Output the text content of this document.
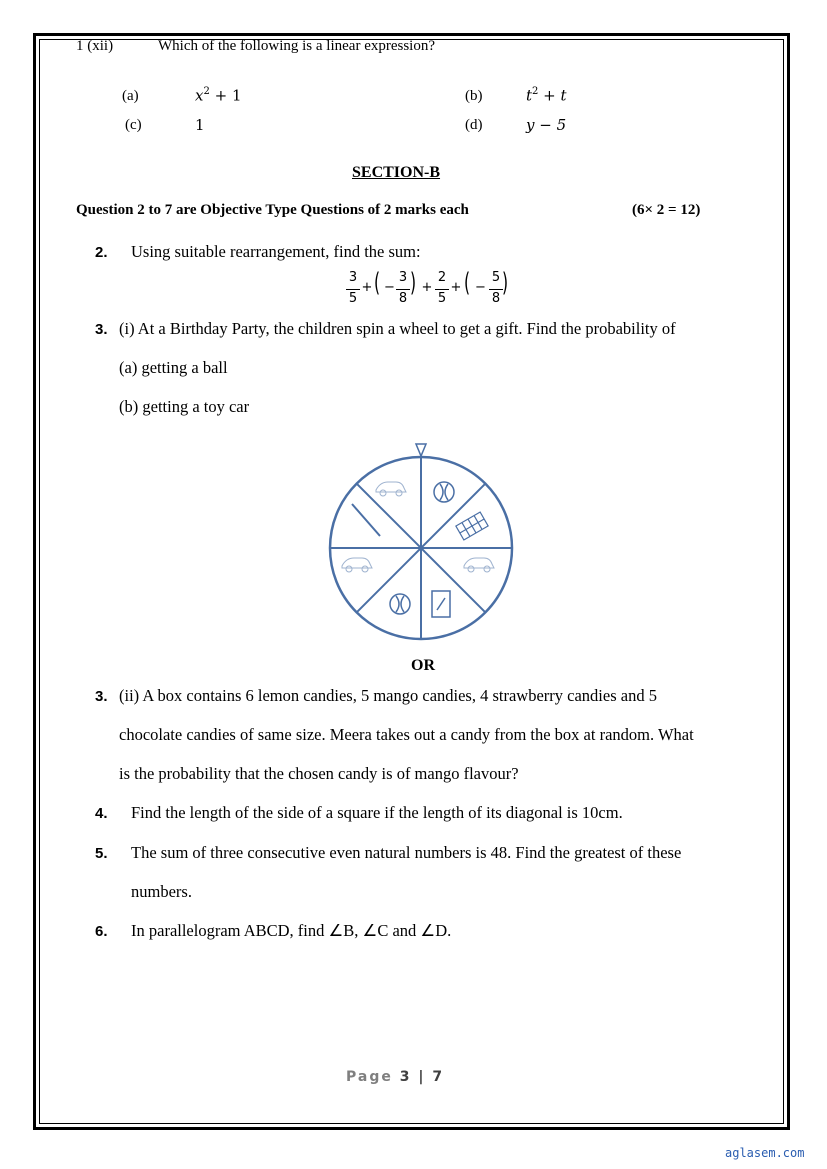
1 (xii)	Which of the following is a linear expression?
(a)	$x^2 + 1$	(b)	$t^2 + t$
(c)	1	(d)	y − 5
SECTION-B
Question 2 to 7 are Objective Type Questions of 2 marks each	(6× 2 = 12)
2. Using suitable rearrangement, find the sum:
3
5
+ ( −
3
8
) +
2
5
+ ( −
5
8
)
3. (i) At a Birthday Party, the children spin a wheel to get a gift. Find the probability of
(a) getting a ball
(b) getting a toy car
OR
3. (ii) A box contains 6 lemon candies, 5 mango candies, 4 strawberry candies and 5
chocolate candies of same size. Meera takes out a candy from the box at random. What
is the probability that the chosen candy is of mango flavour?
4. Find the length of the side of a square if the length of its diagonal is 10cm.
5. The sum of three consecutive even natural numbers is 48. Find the greatest of these
numbers.
6. In parallelogram ABCD, find ∠B, ∠C and ∠D.
Page 3 | 7
aglasem.com
